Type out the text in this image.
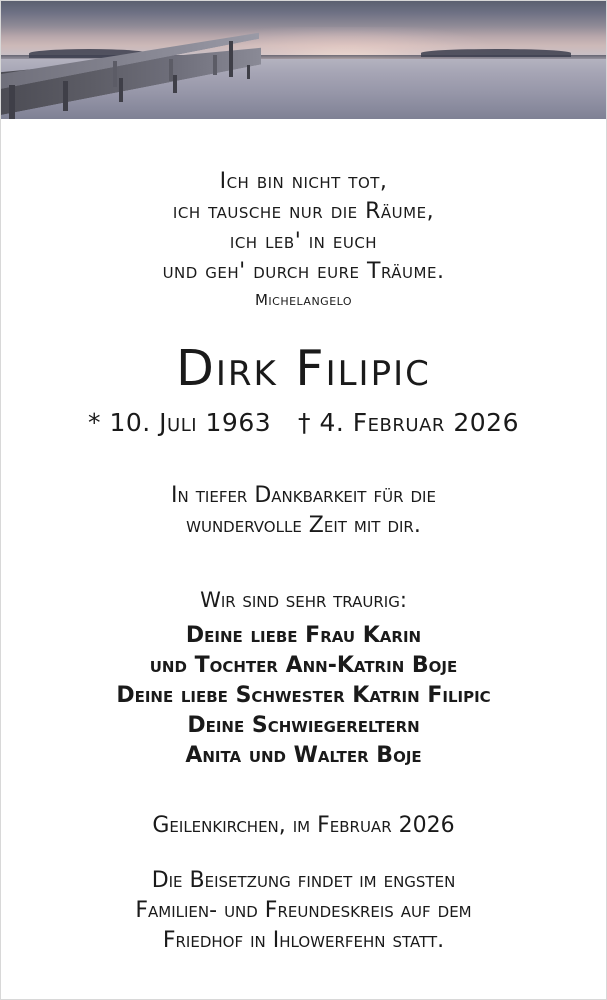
Ich bin nicht tot,
ich tausche nur die Räume,
ich leb' in euch
und geh' durch eure Träume.
Michelangelo
Dirk Filipic
* 10. Juli 1963 † 4. Februar 2026
In tiefer Dankbarkeit für die
wundervolle Zeit mit dir.
Wir sind sehr traurig:
Deine liebe Frau Karin
und Tochter Ann-Katrin Boje
Deine liebe Schwester Katrin Filipic
Deine Schwiegereltern
Anita und Walter Boje
Geilenkirchen, im Februar 2026
Die Beisetzung findet im engsten
Familien- und Freundeskreis auf dem
Friedhof in Ihlowerfehn statt.
